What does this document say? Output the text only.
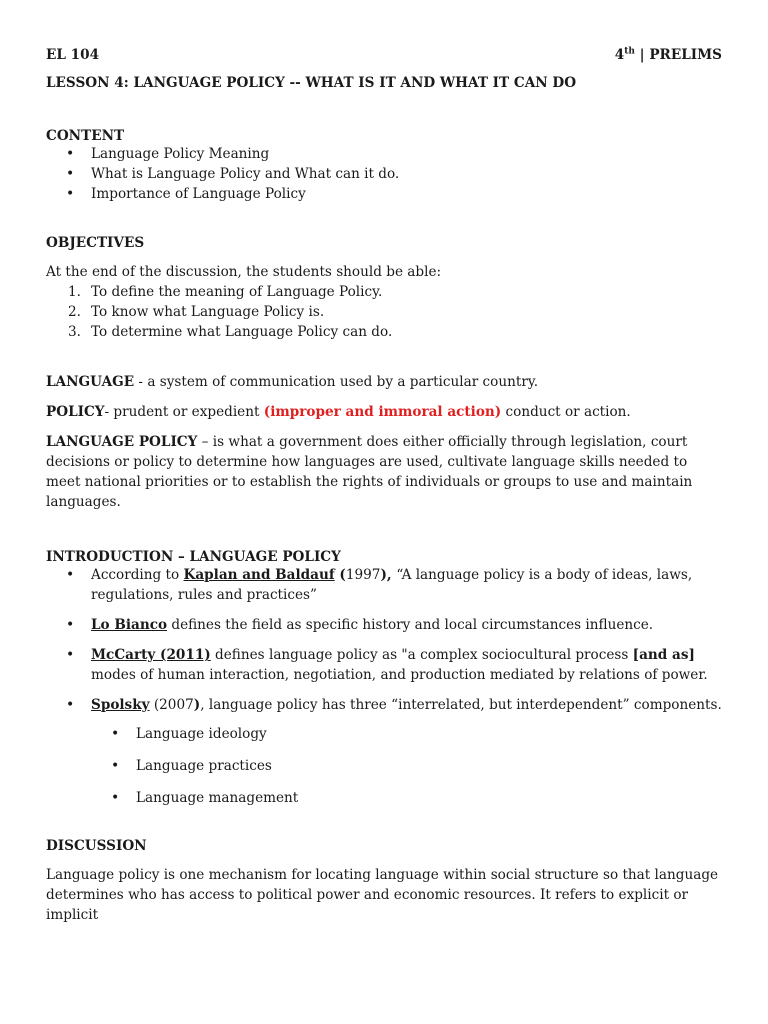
EL 104	4th | PRELIMS
LESSON 4: LANGUAGE POLICY -- WHAT IS IT AND WHAT IT CAN DO
CONTENT
• Language Policy Meaning
• What is Language Policy and What can it do.
• Importance of Language Policy
OBJECTIVES

At the end of the discussion, the students should be able:

1. To define the meaning of Language Policy.
2. To know what Language Policy is.
3. To determine what Language Policy can do.

LANGUAGE - a system of communication used by a particular country.

POLICY- prudent or expedient (improper and immoral action) conduct or action.

LANGUAGE POLICY – is what a government does either officially through legislation, court decisions or policy to determine how languages are used, cultivate language skills needed to meet national priorities or to establish the rights of individuals or groups to use and maintain languages.

INTRODUCTION – LANGUAGE POLICY
• According to Kaplan and Baldauf (1997), “A language policy is a body of ideas, laws, regulations, rules and practices”
• Lo Bianco defines the field as specific history and local circumstances influence.
• McCarty (2011) defines language policy as "a complex sociocultural process [and as] modes of human interaction, negotiation, and production mediated by relations of power.
• Spolsky (2007), language policy has three “interrelated, but interdependent” components.
• Language ideology
• Language practices
• Language management
DISCUSSION

Language policy is one mechanism for locating language within social structure so that language determines who has access to political power and economic resources. It refers to explicit or implicit
